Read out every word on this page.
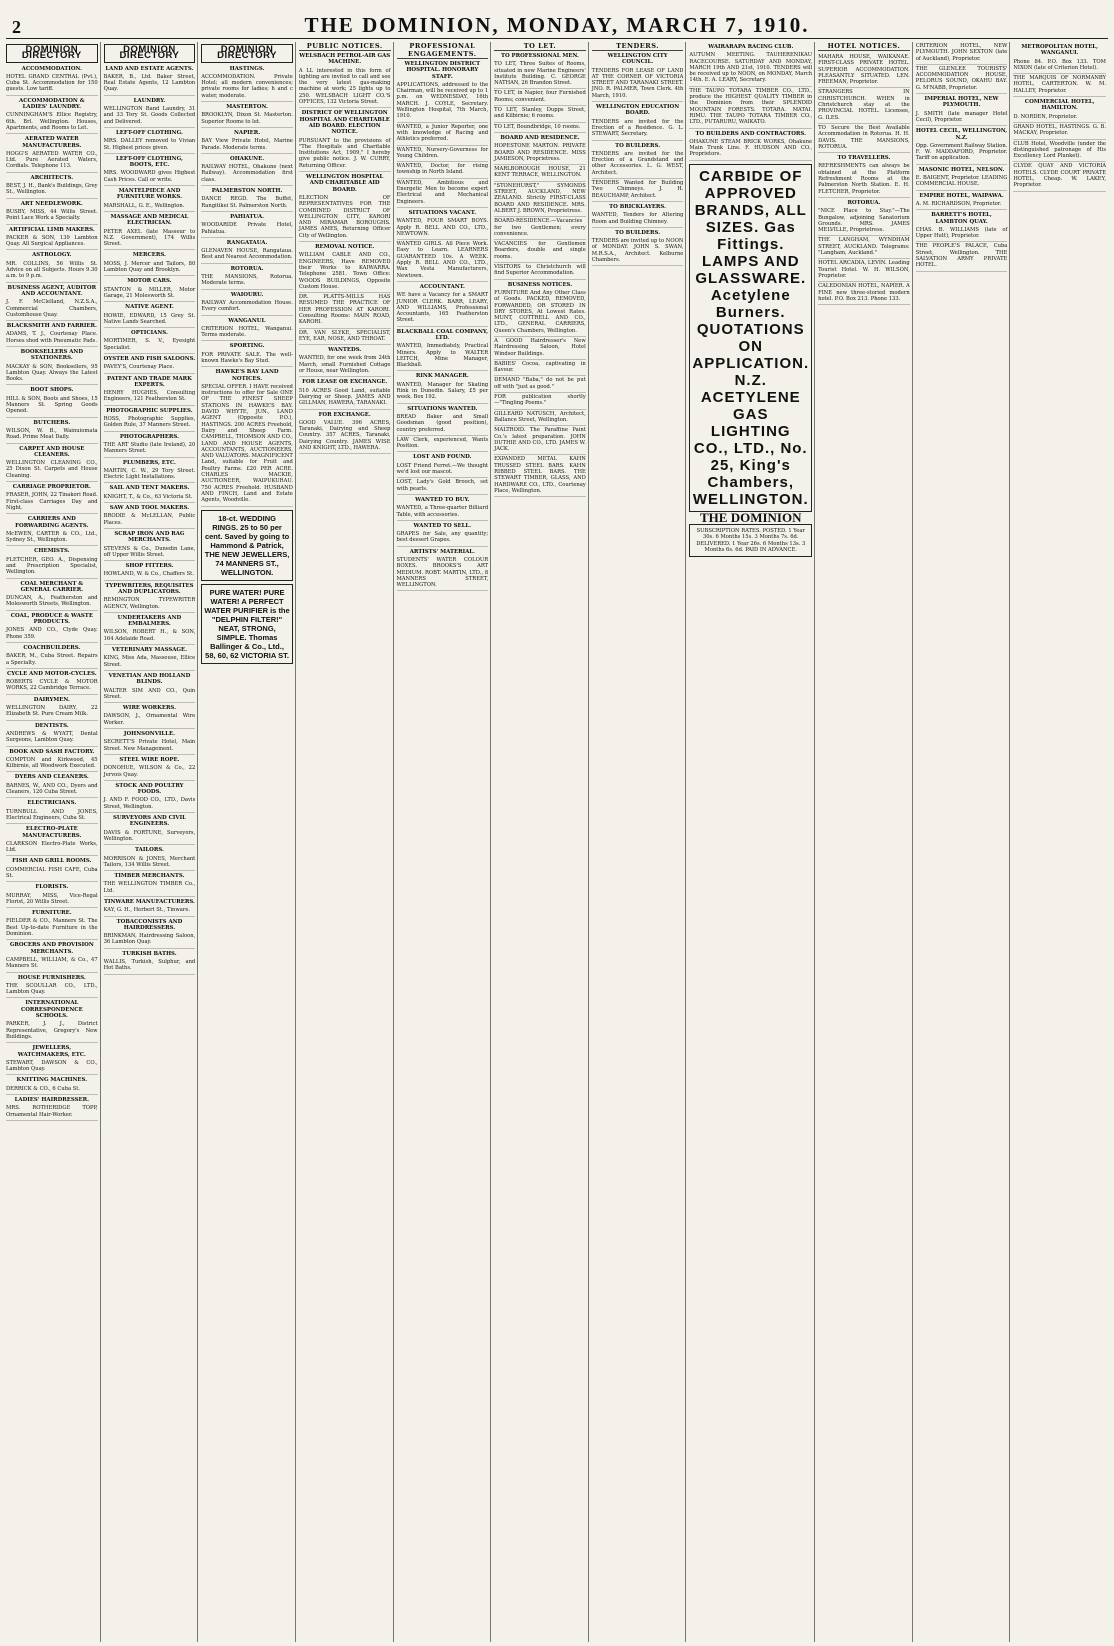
2	THE DOMINION, MONDAY, MARCH 7, 1910.
DOMINION DIRECTORY
ACCOMMODATION.
HOTEL GRAND CENTRAL (Pvt.), Cuba St. Accommodation for 150 guests. Low tariff.
ACCOMMODATION & LADIES' LAUNDRY.
CUNNINGHAM'S Ellice Registry, 6th. Brl. Wellington. Houses, Apartments, and Rooms to Let.
AERATED WATER MANUFACTURERS.
HOGG'S AERATED WATER CO., Ltd. Pure Aerated Waters, Cordials. Telephone 113.
ARCHITECTS.
BEST, J. H., Bank's Buildings, Grey St., Wellington.
ART NEEDLEWORK.
BUSBY, MISS, 44 Willis Street. Point Lace Work a Specialty.
ARTIFICIAL LIMB MAKERS.
PACKER & SON, 139 Lambton Quay. All Surgical Appliances.
ASTROLOGY.
MR. COLLINS, 56 Willis St. Advice on all Subjects. Hours 9.30 a.m. to 9 p.m.
BUSINESS AGENT, AUDITOR AND ACCOUNTANT.
J. F. McClelland, N.Z.S.A., Commercial Chambers, Customhouse Quay.
BLACKSMITH AND FARRIER.
ADAMS, T. J., Courtenay Place. Horses shod with Pneumatic Pads.
BOOKSELLERS AND STATIONERS.
MACKAY & SON, Booksellers, 95 Lambton Quay. Always the Latest Books.
BOOT SHOPS.
HILL & SON, Boots and Shoes, 15 Manners St. Spring Goods Opened.
BUTCHERS.
WILSON, W. B., Wainuiomata Road. Prime Meat Daily.
CARPET AND HOUSE CLEANERS.
WELLINGTON CLEANING CO., 25 Dixon St. Carpets and House Cleaning.
CARRIAGE PROPRIETOR.
FRASER, JOHN, 22 Tinakori Road. First-class Carriages Day and Night.
CARRIERS AND FORWARDING AGENTS.
McEWEN, CARTER & CO., Ltd., Sydney St., Wellington.
CHEMISTS.
FLETCHER, GEO. A., Dispensing and Prescription Specialist, Wellington.
COAL MERCHANT & GENERAL CARRIER.
DUNCAN, A., Featherston and Molesworth Streets, Wellington.
COAL, PRODUCE & WASTE PRODUCTS.
JONES AND CO., Clyde Quay. Phone 359.
COACHBUILDERS.
BAKER, M., Cuba Street. Repairs a Specialty.
CYCLE AND MOTOR-CYCLES.
ROBERTS CYCLE & MOTOR WORKS, 22 Cambridge Terrace.
DAIRYMEN.
WELLINGTON DAIRY, 22 Elizabeth St. Pure Cream Milk.
DENTISTS.
ANDREWS & WYATT, Dental Surgeons, Lambton Quay.
BOOK AND SASH FACTORY.
COMPTON and Kirkwood, 45 Kilbirnie, all Woodwork Executed.
DYERS AND CLEANERS.
BARNES, W., AND CO., Dyers and Cleaners, 120 Cuba Street.
ELECTRICIANS.
TURNBULL AND JONES, Electrical Engineers, Cuba St.
ELECTRO-PLATE MANUFACTURERS.
CLARKSON Electro-Plate Works, Ltd.
FISH AND GRILL ROOMS.
COMMERCIAL FISH CAFE, Cuba St.
FLORISTS.
MURRAY, MISS, Vice-Regal Florist, 20 Willis Street.
FURNITURE.
FIELDER & CO., Manners St. The Best Up-to-date Furniture in the Dominion.
GROCERS AND PROVISION MERCHANTS.
CAMPBELL, WILLIAM, & Co., 47 Manners St.
HOUSE FURNISHERS.
THE SCOULLAR CO., LTD., Lambton Quay.
INTERNATIONAL CORRESPONDENCE SCHOOLS.
PARKER, J. J., District Representative, Gregory's New Buildings.
JEWELLERS, WATCHMAKERS, ETC.
STEWART, DAWSON & CO., Lambton Quay.
KNITTING MACHINES.
DERRICK & CO., 6 Cuba St.
LADIES' HAIRDRESSER.
MRS. ROTHERIDGE TOPP, Ornamental Hair-Worker.
DOMINION DIRECTORY
LAND AND ESTATE AGENTS.
BAKER, B., Ltd. Baker Street, Real Estate Agents, 12 Lambton Quay.
LAUNDRY.
WELLINGTON Band Laundry, 31 and 33 Tory St. Goods Collected and Delivered.
LEFT-OFF CLOTHING.
MRS. DALLEY removed to Vivian St. Highest prices given.
LEFT-OFF CLOTHING, BOOTS, ETC.
MRS. WOODWARD gives Highest Cash Prices. Call or write.
MANTELPIECE AND FURNITURE WORKS.
MARSHALL, G. E., Wellington.
MASSAGE AND MEDICAL ELECTRICIAN.
PETER AXEL (late Masseur to N.Z. Government), 174 Willis Street.
MERCERS.
MOSS, J. Mercer and Tailors, 80 Lambton Quay and Brooklyn.
MOTOR CARS.
STANTON & MILLER, Motor Garage, 21 Molesworth St.
NATIVE AGENT.
HOWIE, EDWARD, 15 Grey St. Native Lands Searched.
OPTICIANS.
MORTIMER, S. V., Eyesight Specialist.
OYSTER AND FISH SALOONS.
PAVEY'S, Courtenay Place.
PATENT AND TRADE MARK EXPERTS.
HENRY HUGHES, Consulting Engineers, 121 Featherston St.
PHOTOGRAPHIC SUPPLIES.
ROSS, Photographic Supplies, Golden Rule, 37 Manners Street.
PHOTOGRAPHERS.
THE ART Studio (late Ireland), 20 Manners Street.
PLUMBERS, ETC.
MARTIN, C. W., 29 Tory Street. Electric Light Installations.
SAIL AND TENT MAKERS.
KNIGHT, T., & Co., 63 Victoria St.
SAW AND TOOL MAKERS.
BRODIE & McLELLAN, Public Places.
SCRAP IRON AND RAG MERCHANTS.
STEVENS & Co., Dunedin Lane, off Upper Willis Street.
SHOP FITTERS.
HOWLAND, W. & Co., Chaffers St.
TYPEWRITERS, REQUISITES AND DUPLICATORS.
REMINGTON TYPEWRITER AGENCY, Wellington.
UNDERTAKERS AND EMBALMERS.
WILSON, ROBERT H., & SON, 164 Adelaide Road.
VETERINARY MASSAGE.
KING, Miss Ada, Masseuse, Ellice Street.
VENETIAN AND HOLLAND BLINDS.
WALTER SIM AND CO., Quin Street.
WIRE WORKERS.
DAWSON, J., Ornamental Wire Worker.
JOHNSONVILLE.
SECRETT'S Private Hotel, Main Street. New Management.
STEEL WIRE ROPE.
DONOHUE, WILSON & Co., 22 Jervois Quay.
STOCK AND POULTRY FOODS.
J. AND F. FOOD CO., LTD., Davis Street, Wellington.
SURVEYORS AND CIVIL ENGINEERS.
DAVIS & FORTUNE, Surveyors, Wellington.
TAILORS.
MORRISON & JONES, Merchant Tailors, 134 Willis Street.
TIMBER MERCHANTS.
THE WELLINGTON TIMBER Co., Ltd.
TINWARE MANUFACTURERS.
KAY, G. H., Herbert St., Tinware.
TOBACCONISTS AND HAIRDRESSERS.
BRINKMAN, Hairdressing Saloon, 36 Lambton Quay.
TURKISH BATHS.
WALLIS, Turkish, Sulphur, and Hot Baths.
DOMINION DIRECTORY
HASTINGS.
ACCOMMODATION. Private Hotel; all modern conveniences; private rooms for ladies; h and c water, moderate.
MASTERTON.
BROOKLYN, Dixon St. Masterton. Superior Rooms to let.
NAPIER.
BAY View Private Hotel, Marine Parade. Moderate terms.
OHAKUNE.
RAILWAY HOTEL, Ohakune (next Railway). Accommodation first class.
PALMERSTON NORTH.
DANCE REGD. The Buffet, Rangitikei St. Palmerston North.
PAHIATUA.
WOODARIDE Private Hotel, Pahiatua.
RANGATAUA.
GLENAVEN HOUSE, Rangataua. Best and Nearest Accommodation.
ROTORUA.
THE MANSIONS, Rotorua. Moderate terms.
WAIOURU.
RAILWAY Accommodation House. Every comfort.
WANGANUI.
CRITERION HOTEL, Wanganui. Terms moderate.
SPORTING.
FOR PRIVATE SALE. The well-known Hawke's Bay Stud.
HAWKE'S BAY LAND NOTICES.
SPECIAL OFFER. I HAVE received instructions to offer for Sale ONE OF THE FINEST SHEEP STATIONS IN HAWKE'S BAY. DAVID WHYTE, JUN., LAND AGENT (Opposite P.O.), HASTINGS. 200 ACRES Freehold, Dairy and Sheep Farm. CAMPBELL, THOMSON AND CO., LAND AND HOUSE AGENTS, ACCOUNTANTS, AUCTIONEERS, AND VALUATORS. MAGNIFICENT Land, suitable for Fruit and Poultry Farms. £20 PER ACRE. CHARLES MACKIE, AUCTIONEER, WAIPUKURAU. 750 ACRES Freehold. HUSBAND AND FINCH, Land and Estate Agents, Woodville.
18-ct. WEDDING RINGS. 25 to 50 per cent. Saved by going to Hammond & Patrick, THE NEW JEWELLERS, 74 MANNERS ST., WELLINGTON.
PURE WATER! PURE WATER! A PERFECT WATER PURIFIER is the "DELPHIN FILTER!" NEAT, STRONG, SIMPLE. Thomas Ballinger & Co., Ltd., 58, 60, 62 VICTORIA ST.
PUBLIC NOTICES.
WELSBACH PETROL-AIR GAS MACHINE.
A LL interested in this form of lighting are invited to call and see the very latest gas-making machine at work; 25 lights up to 250. WELSBACH LIGHT CO.'S OFFICES, 132 Victoria Street.
DISTRICT OF WELLINGTON HOSPITAL AND CHARITABLE AID BOARD. ELECTION NOTICE.
PURSUANT to the provisions of "The Hospitals and Charitable Institutions Act, 1909," I hereby give public notice. J. W. CURRY, Returning Officer.
WELLINGTON HOSPITAL AND CHARITABLE AID BOARD.
ELECTION OF REPRESENTATIVES FOR THE COMBINED DISTRICT OF WELLINGTON CITY, KARORI AND MIRAMAR BOROUGHS. JAMES AMES, Returning Officer City of Wellington.
REMOVAL NOTICE.
WILLIAM CABLE AND CO., ENGINEERS, Have REMOVED their Works to KAIWARRA. Telephone 2581. Town Office: WOODS BUILDINGS, Opposite Custom House.
DR. PLATTS-MILLS HAS RESUMED THE PRACTICE OF HER PROFESSION AT KARORI. Consulting Rooms: MAIN ROAD, KARORI.
DR. VAN SLYKE, SPECIALIST, EYE, EAR, NOSE, AND THROAT.
WANTEDS.
WANTED, for one week from 24th March, small Furnished Cottage or House, near Wellington.
FOR LEASE OR EXCHANGE.
510 ACRES Good Land, suitable Dairying or Sheep. JAMES AND GILLMAN, HAWERA, TARANAKI.
FOR EXCHANGE.
GOOD VALUE. 396 ACRES, Taranaki, Dairying and Sheep Country. 357 ACRES, Taranaki, Dairying Country. JAMES WISE AND KNIGHT, LTD., HAWERA.
PROFESSIONAL ENGAGEMENTS.
WELLINGTON DISTRICT HOSPITAL. HONORARY STAFF.
APPLICATIONS, addressed to the Chairman, will be received up to 1 p.m. on WEDNESDAY, 16th MARCH. J. COYLE, Secretary. Wellington Hospital, 7th March, 1910.
WANTED, a Junior Reporter, one with knowledge of Racing and Athletics preferred.
WANTED, Nursery-Governess for Young Children.
WANTED, Doctor, for rising township in North Island.
WANTED, Ambitious and Energetic Men to become expert Electrical and Mechanical Engineers.
SITUATIONS VACANT.
WANTED, FOUR SMART BOYS. Apply R. BELL AND CO., LTD., NEWTOWN.
WANTED GIRLS. All Piece Work. Easy to Learn. LEARNERS GUARANTEED 10s. A WEEK. Apply R. BELL AND CO., LTD., Wax Vesta Manufacturers, Newtown.
ACCOUNTANT.
WE have a Vacancy for a SMART JUNIOR CLERK. BARR, LEARY, AND WILLIAMS, Professional Accountants, 165 Featherston Street.
BLACKBALL COAL COMPANY, LTD.
WANTED, Immediately, Practical Miners. Apply to WALTER LEITCH, Mine Manager, Blackball.
RINK MANAGER.
WANTED, Manager for Skating Rink in Dunedin. Salary, £5 per week. Box 192.
SITUATIONS WANTED.
BREAD Baker and Small Goodsman (good position), country preferred.
LAW Clerk, experienced, Wants Position.
LOST AND FOUND.
LOST Friend Ferret.—We thought we'd lost our mascot.
LOST, Lady's Gold Brooch, set with pearls.
WANTED TO BUY.
WANTED, a Three-quarter Billiard Table, with accessories.
WANTED TO SELL.
GRAPES for Sale, any quantity; best dessert Grapes.
ARTISTS' MATERIAL.
STUDENTS' WATER COLOUR BOXES. BROOKS'S ART MEDIUM. ROBT. MARTIN, LTD., 8 MANNERS STREET, WELLINGTON.
TO LET.
TO PROFESSIONAL MEN.
TO LET, Three Suites of Rooms, situated in new Marine Engineers' Institute Building. C. GEORGE NATHAN, 26 Brandon Street.
TO LET, in Napier, four Furnished Rooms; convenient.
TO LET, Stanley, Dupps Street, and Kilbirnie; 6 rooms.
TO LET, Boundbridge, 10 rooms.
BOARD AND RESIDENCE.
HOPESTONE MARTON. PRIVATE BOARD AND RESIDENCE. MISS JAMIESON, Proprietress.
MARLBOROUGH HOUSE, 21 KENT TERRACE, WELLINGTON.
"STONEHURST," SYMONDS STREET, AUCKLAND, NEW ZEALAND. Strictly FIRST-CLASS BOARD AND RESIDENCE. MRS. ALBERT J. BROWN, Proprietress.
BOARD-RESIDENCE.—Vacancies for two Gentlemen; every convenience.
VACANCIES for Gentlemen Boarders, double and single rooms.
VISITORS to Christchurch will find Superior Accommodation.
BUSINESS NOTICES.
FURNITURE And Any Other Class of Goods. PACKED, REMOVED, FORWARDED, OR STORED IN DRY STORES, At Lowest Rates. MUNT, COTTRELL AND CO., LTD., GENERAL CARRIERS, Queen's Chambers, Wellington.
A GOOD Hairdresser's New Hairdressing Saloon, Hotel Windsor Buildings.
BABIES' Cocoa, captivating in flavour.
DEMAND "Baba," do not be put off with "just as good."
FOR publication shortly—"Tingling Poems."
GILLEARD NATUSCH, Architect, Ballance Street, Wellington.
MALTROID. The Paraffine Paint Co.'s latest preparation. JOHN DUTHIE AND CO., LTD. JAMES W. JACK.
EXPANDED METAL KAHN TRUSSED STEEL BARS. KAHN RIBBED STEEL BARS. THE STEWART TIMBER, GLASS, AND HARDWARE CO., LTD., Courtenay Place, Wellington.
TENDERS.
WELLINGTON CITY COUNCIL.
TENDERS FOR LEASE OF LAND AT THE CORNER OF VICTORIA STREET AND TARANAKI STREET. JNO. R. PALMER, Town Clerk. 4th March, 1910.
WELLINGTON EDUCATION BOARD.
TENDERS are invited for the Erection of a Residence. G. L. STEWART, Secretary.
TO BUILDERS.
TENDERS are invited for the Erection of a Grandstand and other Accessories. L. G. WEST, Architect.
TENDERS Wanted for Building Two Chimneys. J. H. BEAUCHAMP, Architect.
TO BRICKLAYERS.
WANTED, Tenders for Altering Room and Building Chimney.
TO BUILDERS.
TENDERS are invited up to NOON of MONDAY. JOHN S. SWAN, M.R.S.A., Architect. Kelburne Chambers.
WAIRARAPA RACING CLUB.
AUTUMN MEETING. TAUHERENIKAU RACECOURSE. SATURDAY AND MONDAY, MARCH 19th AND 21st, 1910. TENDERS will be received up to NOON, on MONDAY, March 14th. E. A. LEARY, Secretary.
THE TAUPO TOTARA TIMBER CO., LTD., produce the HIGHEST QUALITY TIMBER in the Dominion from their SPLENDID MOUNTAIN FORESTS. TOTARA. MATAI. RIMU. THE TAUPO TOTARA TIMBER CO., LTD., PUTARURU, WAIKATO.
TO BUILDERS AND CONTRACTORS.
OHAKUNE STEAM BRICK WORKS, Ohakune Main Trunk Line. F. HUDSON AND CO., Proprietors.
CARBIDE OF APPROVED BRANDS, ALL SIZES. Gas Fittings. LAMPS AND GLASSWARE. Acetylene Burners. QUOTATIONS ON APPLICATION. N.Z. ACETYLENE GAS LIGHTING CO., LTD., No. 25, King's Chambers, WELLINGTON.
THE DOMINION
SUBSCRIPTION RATES. POSTED. 1 Year 30s. 6 Months 15s. 3 Months 7s. 6d. DELIVERED. 1 Year 26s. 6 Months 13s. 3 Months 6s. 6d. PAID IN ADVANCE.
HOTEL NOTICES.
MAHARA HOUSE, WAIKANAE. FIRST-CLASS PRIVATE HOTEL. SUPERIOR ACCOMMODATION. PLEASANTLY SITUATED. LEN. FREEMAN, Proprietor.
STRANGERS IN CHRISTCHURCH. WHEN in Christchurch stay at the PROVINCIAL HOTEL. Licensee, G. ILES.
TO Secure the Best Available Accommodation in Rotorua. H. H. DAVIS. THE MANSIONS, ROTORUA.
TO TRAVELLERS.
REFRESHMENTS can always be obtained at the Platform Refreshment Rooms at the Palmerston North Station. E. H. FLETCHER, Proprietor.
ROTORUA.
"NICE Place to Stay."—The Bungalow, adjoining Sanatorium Grounds. MRS. JAMES MELVILLE, Proprietress.
THE LANGHAM, WYNDHAM STREET, AUCKLAND. Telegrams: "Langham, Auckland."
HOTEL ARCADIA, LEVIN. Leading Tourist Hotel. W. H. WILSON, Proprietor.
CALEDONIAN HOTEL, NAPIER. A FINE new three-storied modern hotel. P.O. Box 213. Phone 133.
CRITERION HOTEL, NEW PLYMOUTH. JOHN SEXTON (late of Auckland), Proprietor.
THE GLENLEE TOURISTS' ACCOMMODATION HOUSE, PELORUS SOUND, OKAHU BAY. G. M'NABB, Proprietor.
IMPERIAL HOTEL, NEW PLYMOUTH.
J. SMITH (late manager Hotel Cecil), Proprietor.
HOTEL CECIL, WELLINGTON, N.Z.
Opp. Government Railway Station. F. W. MADDAFORD, Proprietor. Tariff on application.
MASONIC HOTEL, NELSON.
E. BAIGENT, Proprietor. LEADING COMMERCIAL HOUSE.
EMPIRE HOTEL, WAIPAWA.
A. M. RICHARDSON, Proprietor.
BARRETT'S HOTEL, LAMBTON QUAY.
CHAS. B. WILLIAMS (late of Upper Hutt), Proprietor.
THE PEOPLE'S PALACE, Cuba Street, Wellington. THE SALVATION ARMY PRIVATE HOTEL.
METROPOLITAN HOTEL, WANGANUI.
Phone 84. P.O. Box 133. TOM NIXON (late of Criterion Hotel).
THE MARQUIS OF NORMANBY HOTEL, CARTERTON. W. M. HALLEY, Proprietor.
COMMERCIAL HOTEL, HAMILTON.
D. NORDEN, Proprietor.
GRAND HOTEL, HASTINGS. G. B. MACKAY, Proprietor.
CLUB Hotel, Woodville (under the distinguished patronage of His Excellency Lord Plunket).
CLYDE QUAY AND VICTORIA HOTELS. CLYDE COURT PRIVATE HOTEL, Cheap. W. LAKEY, Proprietor.
